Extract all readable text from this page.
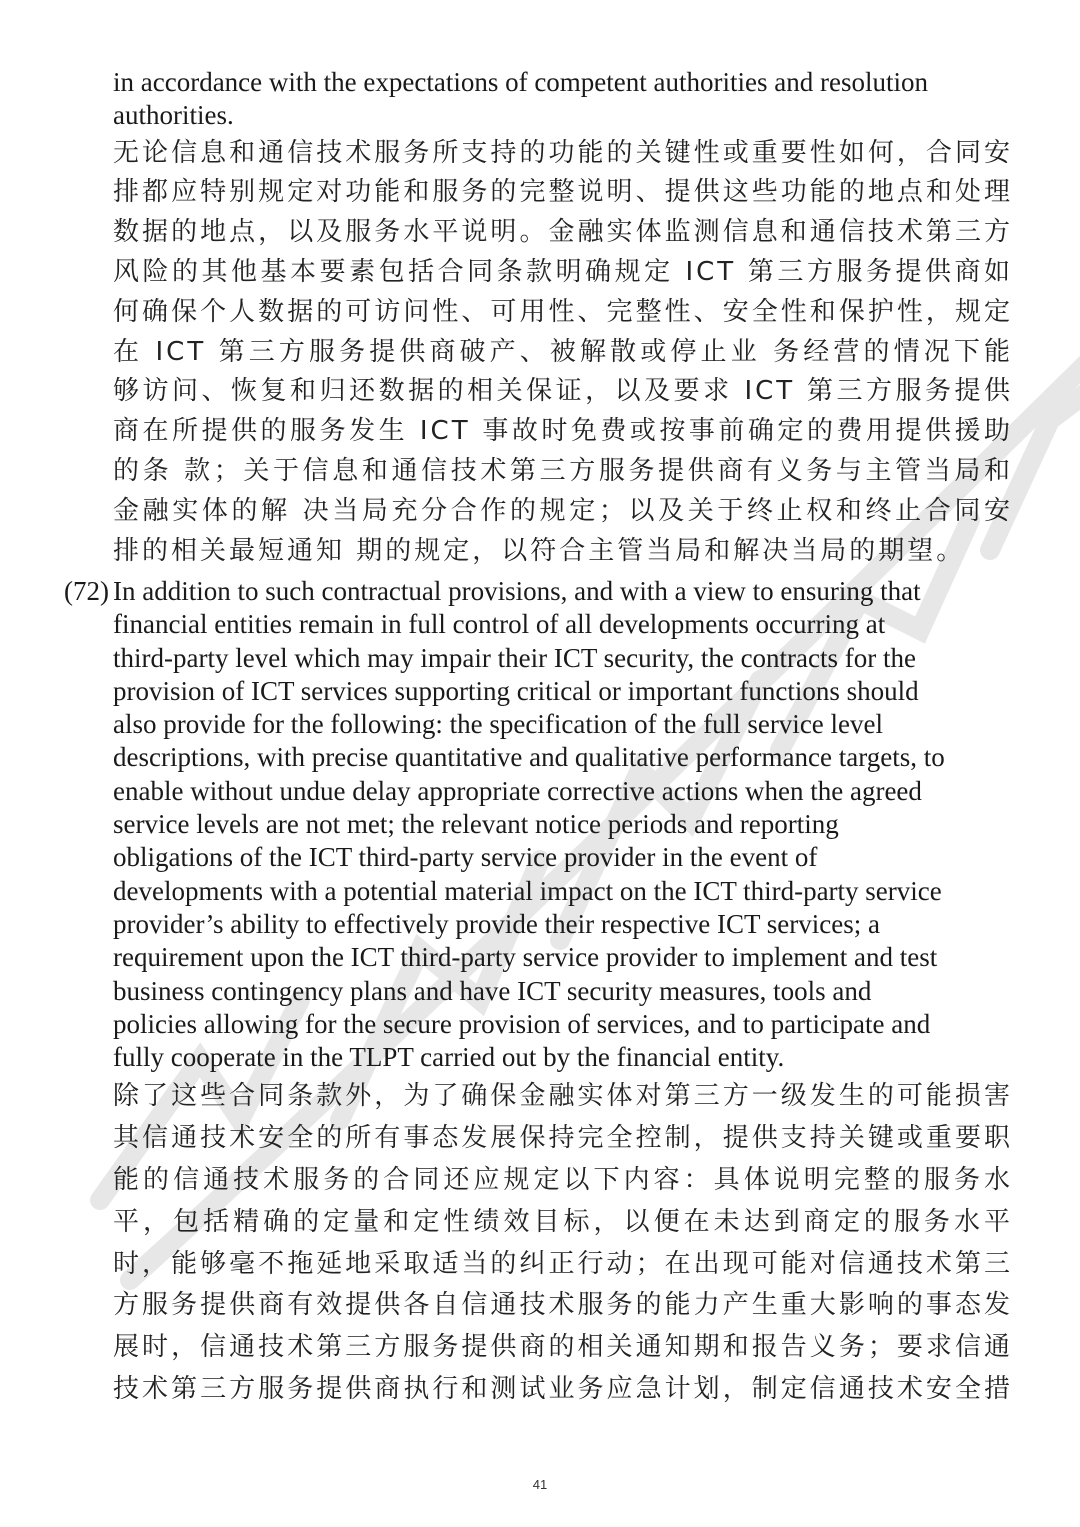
in accordance with the expectations of competent authorities and resolution

authorities.

无论信息和通信技术服务所支持的功能的关键性或重要性如何，合同安

排都应特别规定对功能和服务的完整说明、提供这些功能的地点和处理

数据的地点，以及服务水平说明。金融实体监测信息和通信技术第三方

风险的其他基本要素包括合同条款明确规定 ICT 第三方服务提供商如

何确保个人数据的可访问性、可用性、完整性、安全性和保护性，规定

在 ICT 第三方服务提供商破产、被解散或停止业 务经营的情况下能

够访问、恢复和归还数据的相关保证，以及要求 ICT 第三方服务提供

商在所提供的服务发生 ICT 事故时免费或按事前确定的费用提供援助

的条 款；关于信息和通信技术第三方服务提供商有义务与主管当局和

金融实体的解 决当局充分合作的规定；以及关于终止权和终止合同安

排的相关最短通知 期的规定，以符合主管当局和解决当局的期望。

(72) In addition to such contractual provisions, and with a view to ensuring that

financial entities remain in full control of all developments occurring at

third-party level which may impair their ICT security, the contracts for the

provision of ICT services supporting critical or important functions should

also provide for the following: the specification of the full service level

descriptions, with precise quantitative and qualitative performance targets, to

enable without undue delay appropriate corrective actions when the agreed

service levels are not met; the relevant notice periods and reporting

obligations of the ICT third-party service provider in the event of

developments with a potential material impact on the ICT third-party service

provider’s ability to effectively provide their respective ICT services; a

requirement upon the ICT third-party service provider to implement and test

business contingency plans and have ICT security measures, tools and

policies allowing for the secure provision of services, and to participate and

fully cooperate in the TLPT carried out by the financial entity.

除了这些合同条款外，为了确保金融实体对第三方一级发生的可能损害

其信通技术安全的所有事态发展保持完全控制，提供支持关键或重要职

能的信通技术服务的合同还应规定以下内容：具体说明完整的服务水

平，包括精确的定量和定性绩效目标，以便在未达到商定的服务水平

时，能够毫不拖延地采取适当的纠正行动；在出现可能对信通技术第三

方服务提供商有效提供各自信通技术服务的能力产生重大影响的事态发

展时，信通技术第三方服务提供商的相关通知期和报告义务；要求信通

技术第三方服务提供商执行和测试业务应急计划，制定信通技术安全措

41
